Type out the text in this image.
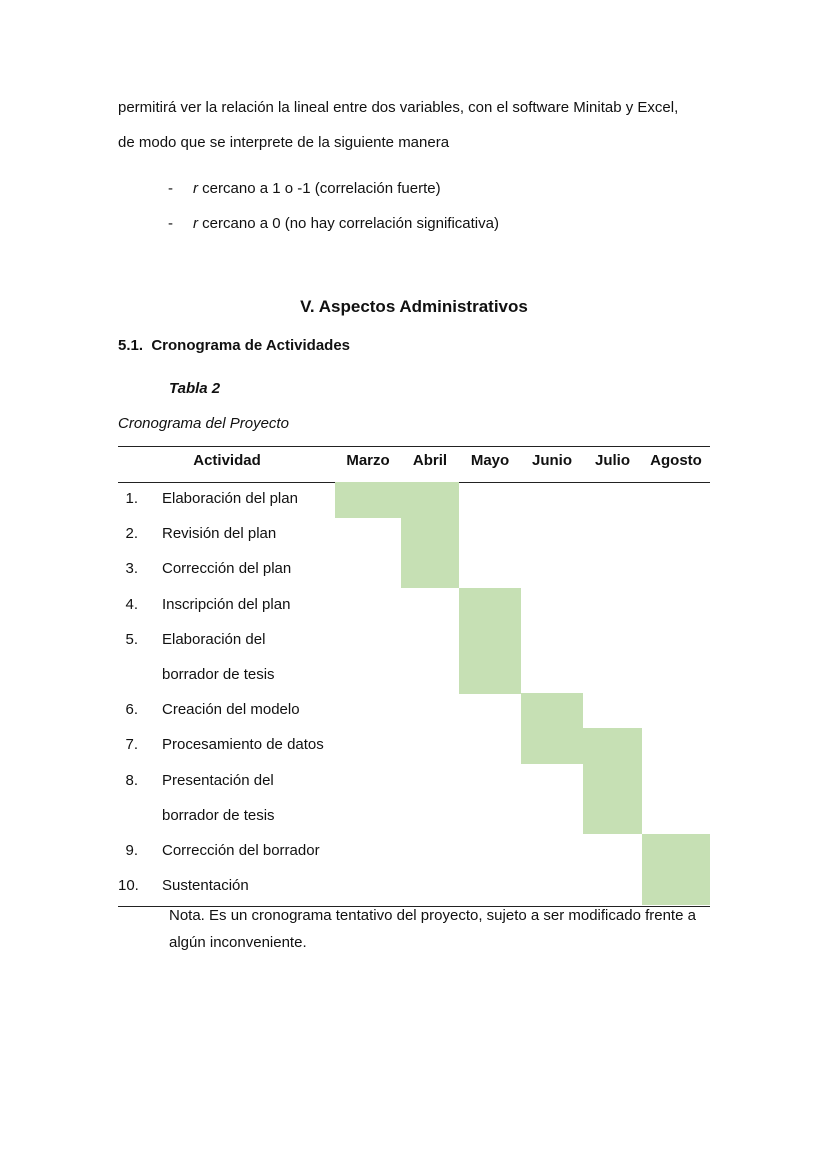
permitirá ver la relación la lineal entre dos variables, con el software Minitab y Excel,
de modo que se interprete de la siguiente manera
- r cercano a 1 o -1 (correlación fuerte)
- r cercano a 0 (no hay correlación significativa)
V. Aspectos Administrativos
5.1.  Cronograma de Actividades
Tabla 2
Cronograma del Proyecto
Actividad	Marzo	Abril	Mayo	Junio	Julio	Agosto
1. Elaboración del plan
2. Revisión del plan
3. Corrección del plan
4. Inscripción del plan
5. Elaboración del
borrador de tesis
6. Creación del modelo
7. Procesamiento de datos
8. Presentación del
borrador de tesis
9. Corrección del borrador
10. Sustentación
Nota. Es un cronograma tentativo del proyecto, sujeto a ser modificado frente a algún inconveniente.
